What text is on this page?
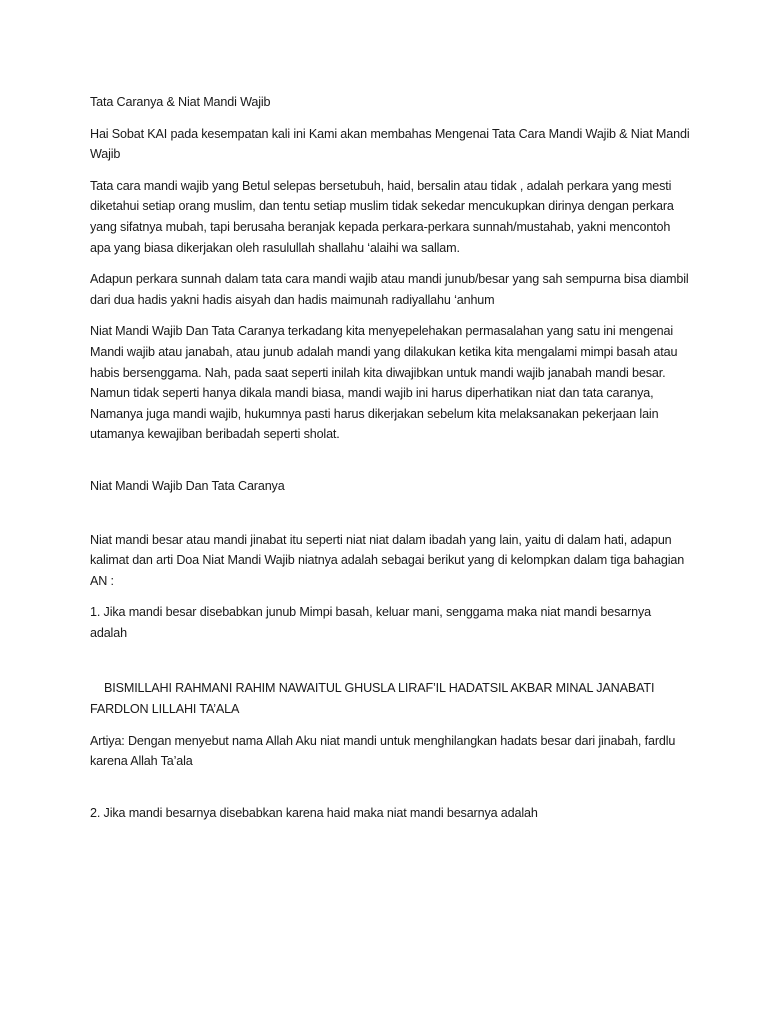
Tata Caranya & Niat Mandi Wajib

Hai Sobat KAI pada kesempatan kali ini Kami akan membahas Mengenai Tata Cara Mandi Wajib & Niat Mandi Wajib

Tata cara mandi wajib yang Betul selepas bersetubuh, haid, bersalin atau tidak , adalah perkara yang mesti diketahui setiap orang muslim, dan tentu setiap muslim tidak sekedar mencukupkan dirinya dengan perkara yang sifatnya mubah, tapi berusaha beranjak kepada perkara-perkara sunnah/mustahab, yakni mencontoh apa yang biasa dikerjakan oleh rasulullah shallahu ‘alaihi wa sallam.

Adapun perkara sunnah dalam tata cara mandi wajib atau mandi junub/besar yang sah sempurna bisa diambil dari dua hadis yakni hadis aisyah dan hadis maimunah radiyallahu ‘anhum

Niat Mandi Wajib Dan Tata Caranya terkadang kita menyepelehakan permasalahan yang satu ini mengenai Mandi wajib atau janabah, atau junub adalah mandi yang dilakukan ketika kita mengalami mimpi basah atau habis bersenggama. Nah, pada saat seperti inilah kita diwajibkan untuk mandi wajib janabah mandi besar. Namun tidak seperti hanya dikala mandi biasa, mandi wajib ini harus diperhatikan niat dan tata caranya, Namanya juga mandi wajib, hukumnya pasti harus dikerjakan sebelum kita melaksanakan pekerjaan lain utamanya kewajiban beribadah seperti sholat.

Niat Mandi Wajib Dan Tata Caranya

Niat mandi besar atau mandi jinabat itu seperti niat niat dalam ibadah yang lain, yaitu di dalam hati, adapun kalimat dan arti Doa Niat Mandi Wajib niatnya adalah sebagai berikut yang di kelompkan dalam tiga bahagian AN :

1. Jika mandi besar disebabkan junub Mimpi basah, keluar mani, senggama maka niat mandi besarnya adalah

BISMILLAHI RAHMANI RAHIM NAWAITUL GHUSLA LIRAF’IL HADATSIL AKBAR MINAL JANABATI FARDLON LILLAHI TA’ALA

Artiya: Dengan menyebut nama Allah Aku niat mandi untuk menghilangkan hadats besar dari jinabah, fardlu karena Allah Ta’ala

2. Jika mandi besarnya disebabkan karena haid maka niat mandi besarnya adalah
